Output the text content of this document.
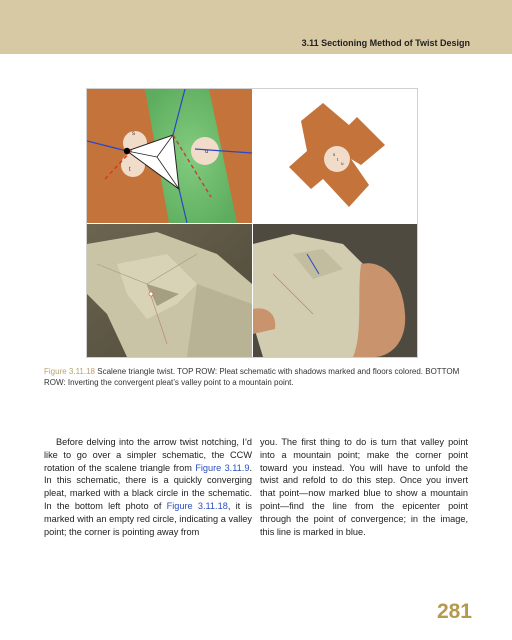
3.11 Sectioning Method of Twist Design
s
t
u	s
t
u
Figure 3.11.18 Scalene triangle twist. TOP ROW: Pleat schematic with shadows marked and floors colored. BOTTOM ROW: Inverting the convergent pleat’s valley point to a mountain point.
Before delving into the arrow twist notching, I’d like to go over a simpler schematic, the CCW rotation of the scalene triangle from Figure 3.11.9. In this schematic, there is a quickly converging pleat, marked with a black circle in the schematic. In the bottom left photo of Figure 3.11.18, it is marked with an empty red circle, indicating a valley point; the corner is pointing away from
you. The first thing to do is turn that valley point into a mountain point; make the corner point toward you instead. You will have to unfold the twist and refold to do this step. Once you invert that point—now marked blue to show a mountain point—find the line from the epicenter point through the point of convergence; in the image, this line is marked in blue.
281
